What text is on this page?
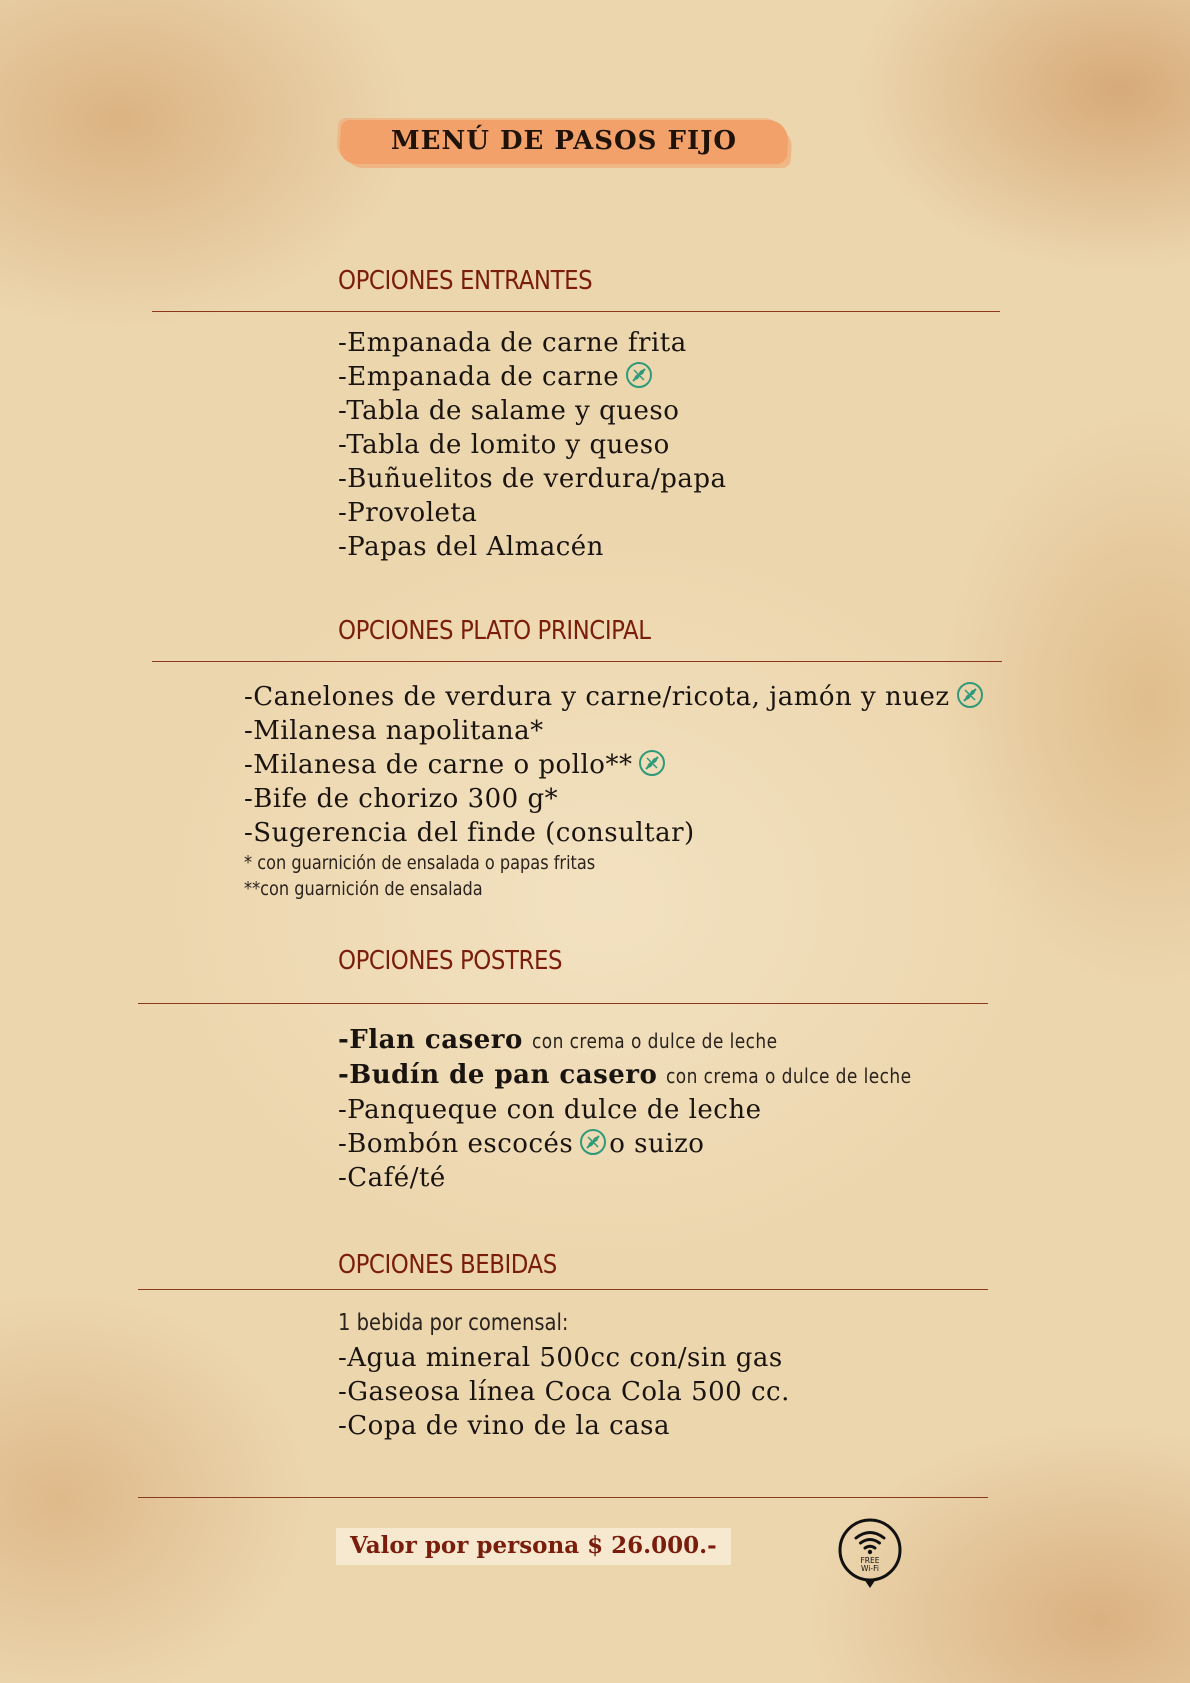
MENÚ DE PASOS FIJO
OPCIONES ENTRANTES
-Empanada de carne frita
-Empanada de carne
-Tabla de salame y queso
-Tabla de lomito y queso
-Buñuelitos de verdura/papa
-Provoleta
-Papas del Almacén
OPCIONES PLATO PRINCIPAL
-Canelones de verdura y carne/ricota, jamón y nuez
-Milanesa napolitana*
-Milanesa de carne o pollo**
-Bife de chorizo 300 g*
-Sugerencia del finde (consultar)
* con guarnición de ensalada o papas fritas
**con guarnición de ensalada
OPCIONES POSTRES
-Flan casero con crema o dulce de leche
-Budín de pan casero con crema o dulce de leche
-Panqueque con dulce de leche
-Bombón escocés o suizo
-Café/té
OPCIONES BEBIDAS
1 bebida por comensal:
-Agua mineral 500cc con/sin gas
-Gaseosa línea Coca Cola 500 cc.
-Copa de vino de la casa
Valor por persona $ 26.000.-
FREE
Wi-Fi
